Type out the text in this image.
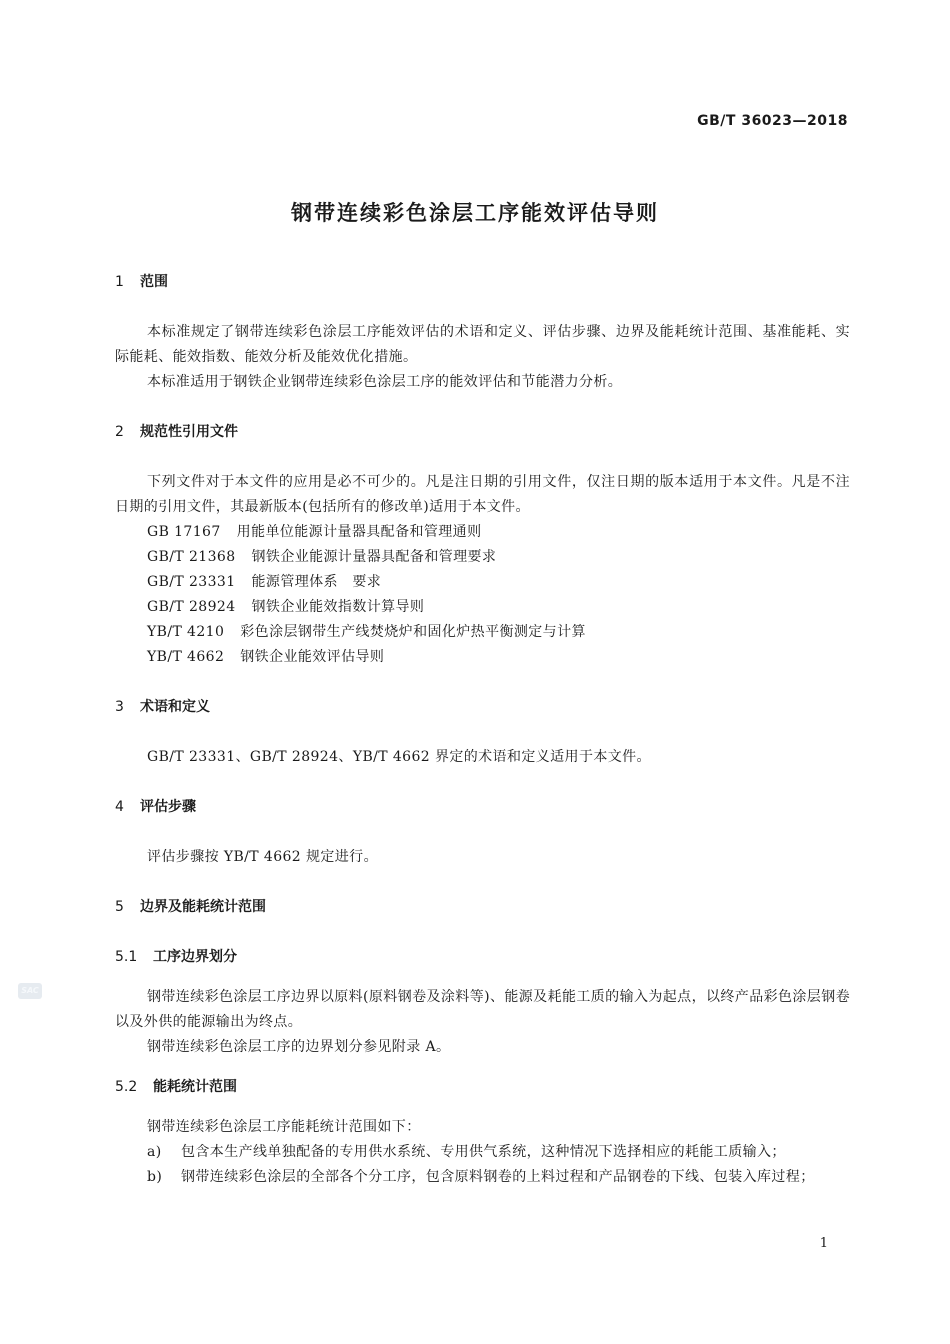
GB/T 36023—2018
钢带连续彩色涂层工序能效评估导则
SAC
1 范围
本标准规定了钢带连续彩色涂层工序能效评估的术语和定义、评估步骤、边界及能耗统计范围、基准能耗、实际能耗、能效指数、能效分析及能效优化措施。
本标准适用于钢铁企业钢带连续彩色涂层工序的能效评估和节能潜力分析。
2 规范性引用文件
下列文件对于本文件的应用是必不可少的。凡是注日期的引用文件，仅注日期的版本适用于本文件。凡是不注日期的引用文件，其最新版本(包括所有的修改单)适用于本文件。
GB 17167 用能单位能源计量器具配备和管理通则
GB/T 21368 钢铁企业能源计量器具配备和管理要求
GB/T 23331 能源管理体系　要求
GB/T 28924 钢铁企业能效指数计算导则
YB/T 4210 彩色涂层钢带生产线焚烧炉和固化炉热平衡测定与计算
YB/T 4662 钢铁企业能效评估导则
3 术语和定义
GB/T 23331、GB/T 28924、YB/T 4662 界定的术语和定义适用于本文件。
4 评估步骤
评估步骤按 YB/T 4662 规定进行。
5 边界及能耗统计范围
5.1 工序边界划分
钢带连续彩色涂层工序边界以原料(原料钢卷及涂料等)、能源及耗能工质的输入为起点，以终产品彩色涂层钢卷以及外供的能源输出为终点。
钢带连续彩色涂层工序的边界划分参见附录 A。
5.2 能耗统计范围
钢带连续彩色涂层工序能耗统计范围如下：
a) 包含本生产线单独配备的专用供水系统、专用供气系统，这种情况下选择相应的耗能工质输入；
b) 钢带连续彩色涂层的全部各个分工序，包含原料钢卷的上料过程和产品钢卷的下线、包装入库过程；
1
